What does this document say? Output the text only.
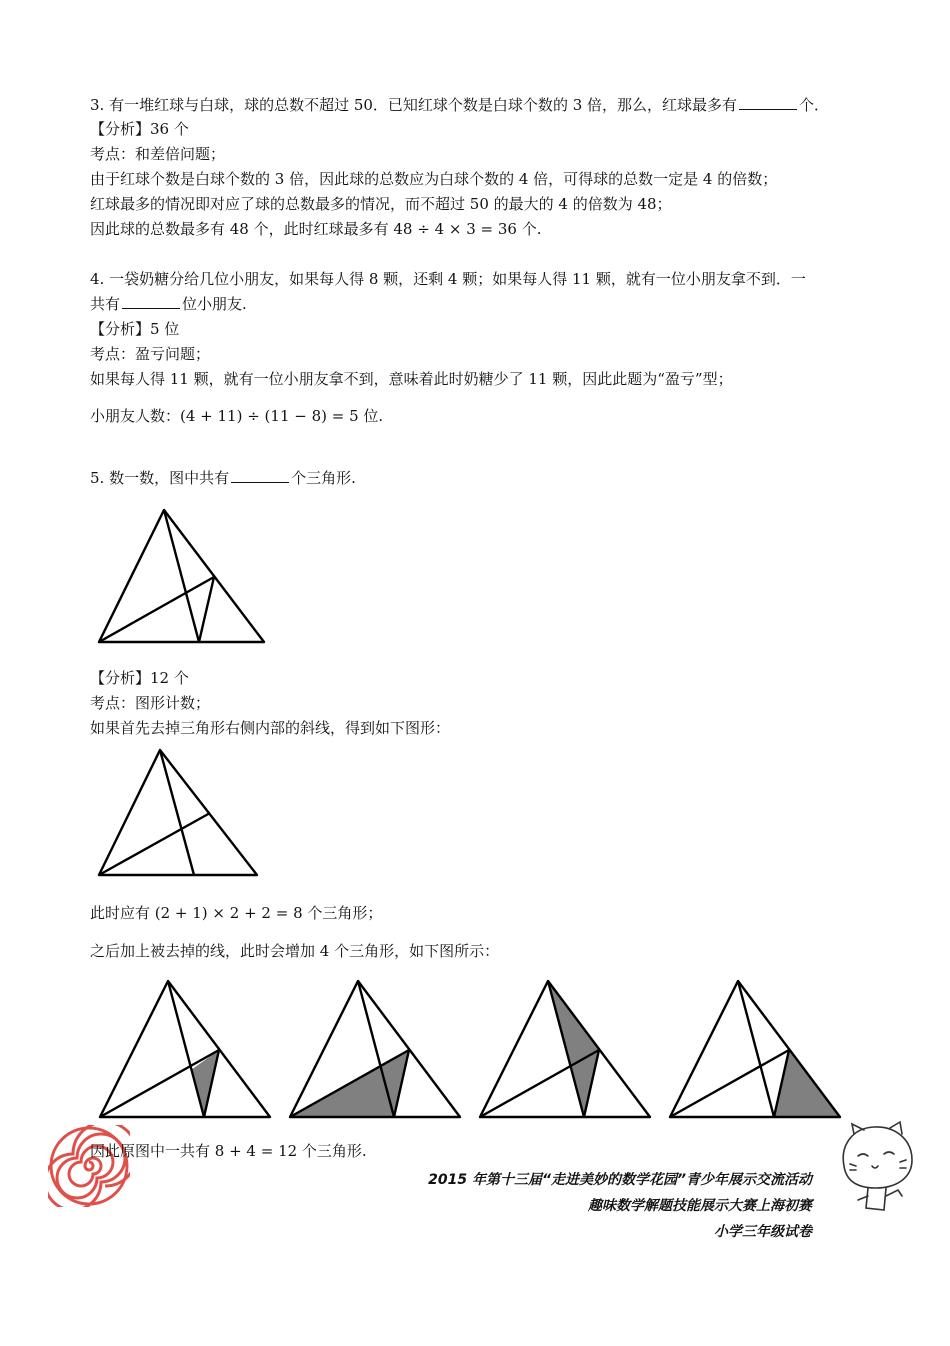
3. 有一堆红球与白球，球的总数不超过 50．已知红球个数是白球个数的 3 倍，那么，红球最多有	个．
【分析】36 个
考点：和差倍问题；
由于红球个数是白球个数的 3 倍，因此球的总数应为白球个数的 4 倍，可得球的总数一定是 4 的倍数；
红球最多的情况即对应了球的总数最多的情况，而不超过 50 的最大的 4 的倍数为 48；
因此球的总数最多有 48 个，此时红球最多有 48 ÷ 4 × 3 = 36 个.
4. 一袋奶糖分给几位小朋友，如果每人得 8 颗，还剩 4 颗；如果每人得 11 颗，就有一位小朋友拿不到．一
共有	位小朋友.
【分析】5 位
考点：盈亏问题；
如果每人得 11 颗，就有一位小朋友拿不到，意味着此时奶糖少了 11 颗，因此此题为“盈亏”型；
小朋友人数：(4 + 11) ÷ (11 − 8) = 5 位.
5. 数一数，图中共有	个三角形.
【分析】12 个
考点：图形计数；
如果首先去掉三角形右侧内部的斜线，得到如下图形：
此时应有 (2 + 1) × 2 + 2 = 8 个三角形；
之后加上被去掉的线，此时会增加 4 个三角形，如下图所示：
因此原图中一共有 8 + 4 = 12 个三角形.
2015 年第十三届“走进美妙的数学花园”青少年展示交流活动
趣味数学解题技能展示大赛上海初赛
小学三年级试卷
